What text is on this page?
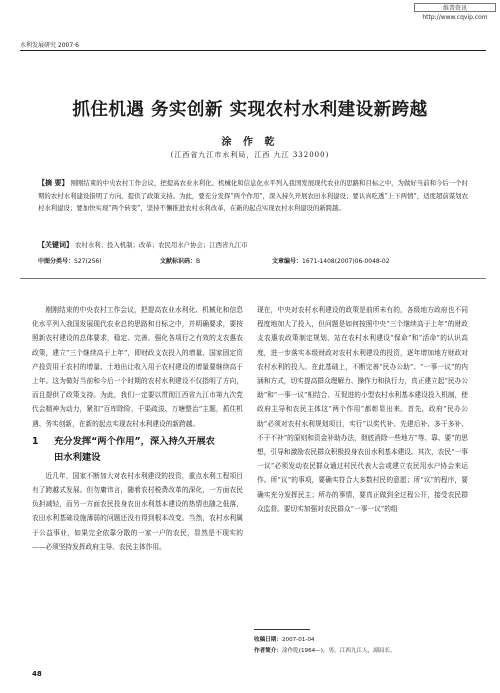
维普资讯 http://www.cqvip.com
水利发展研究 2007·6
抓住机遇 务实创新 实现农村水利建设新跨越
涂 作 乾
(江西省九江市水利局，江西 九江 332000)
【摘 要】 刚刚结束的中央农村工作会议，把提高农业水利化、机械化和信息化水平列入我国发展现代农业的思路和目标之中，为做好当前和今后一个时期的农村水利建设指明了方向、提供了政策支持。为此，要充分发挥“两个作用”，深入持久开展农田水利建设；要认真吃透“上下两情”，适度超前谋划农村水利建设；要加快实现“两个转变”，坚持不懈推进农村水利改革，在新的起点实现农村水利建设的新跨越。
【关键词】 农村水利；投入机制；改革；农民用水户协会；江西省九江市
中图分类号：S27(256)	文献标识码：B	文章编号：1671-1408(2007)06-0048-02

刚刚结束的中央农村工作会议，把提高农业水利化、机械化和信息化水平列入我国发展现代农业总的思路和目标之中，并明确要求，要按照新农村建设的总体要求，稳定、完善、强化各项行之有效的支农惠农政策，建立“三个继续高于上年”，即财政支农投入的增量、国家固定资产投资用于农村的增量、土地出让收入用于农村建设的增量要继续高于上年。这为做好当前和今后一个时期的农村水利建设不仅指明了方向，而且提供了政策支持。为此，我们一定要以贯彻江西省九江市第九次党代会精神为动力，紧扣“百库除险、千渠疏浚、万塘整治”主题，抓住机遇、务实创新，在新的起点实现农村水利建设的新跨越。

1 充分发挥“两个作用”，深入持久开展农
田水利建设

近几年，国家不断加大对农村水利建设的投资，重点水利工程项目有了跨越式发展。但勿庸讳言，随着农村税费改革的深化，一方面农民负担减轻，而另一方面农民投身农田水利基本建设的热情也随之低落，农田水利基础设施薄弱的问题还没有得到根本改变。当然，农村水利属于公益事业，如果完全依靠分散的一家一户的农民，显然是不现实的——必须坚持发挥政府主导、农民主体作用。

现在，中央对农村水利建设的政策是前所未有的，各级地方政府也不同程度地加大了投入，但问题是如何按照中央“三个继续高于上年”的财政支农惠农政策制定规划，站在农村水利建设“保命”和“活命”的认识高度，进一步落实本级财政对农村水利建设的投资，逐年增加地方财政对农村水利的投入。在此基础上，不断完善“民办公助”、“一事一议”的内涵和方式，切实提高群众理解力、操作力和执行力，真正建立起“民办公助”和“一事一议”相结合、互促进的小型农村水利基本建设投入机制，使政府主导和农民主体这“两个作用”都彰显出来。首先，政府“民办公助”必须对农村水利规划项目，实行“以奖代补、先建后补、多干多补、不干不补”的原则和资金补助办法，彻底消除一些地方“等、靠、要”的思想，引导和激励农民群众积极投身农田水利基本建设。其次，农民“一事一议”必须发动农民群众通过村民代表大会或建立农民用水户协会来运作。所“议”的事项，要确实符合大多数村民的意愿；所“议”的程序，要确实充分发挥民主；所办的事情，要真正做到全过程公开，接受农民群众监督。要切实加强对农民群众“一事一议”的组

收稿日期：2007-01-04
作者简介：涂作乾(1964—)，男，江西九江人，副局长。
48
